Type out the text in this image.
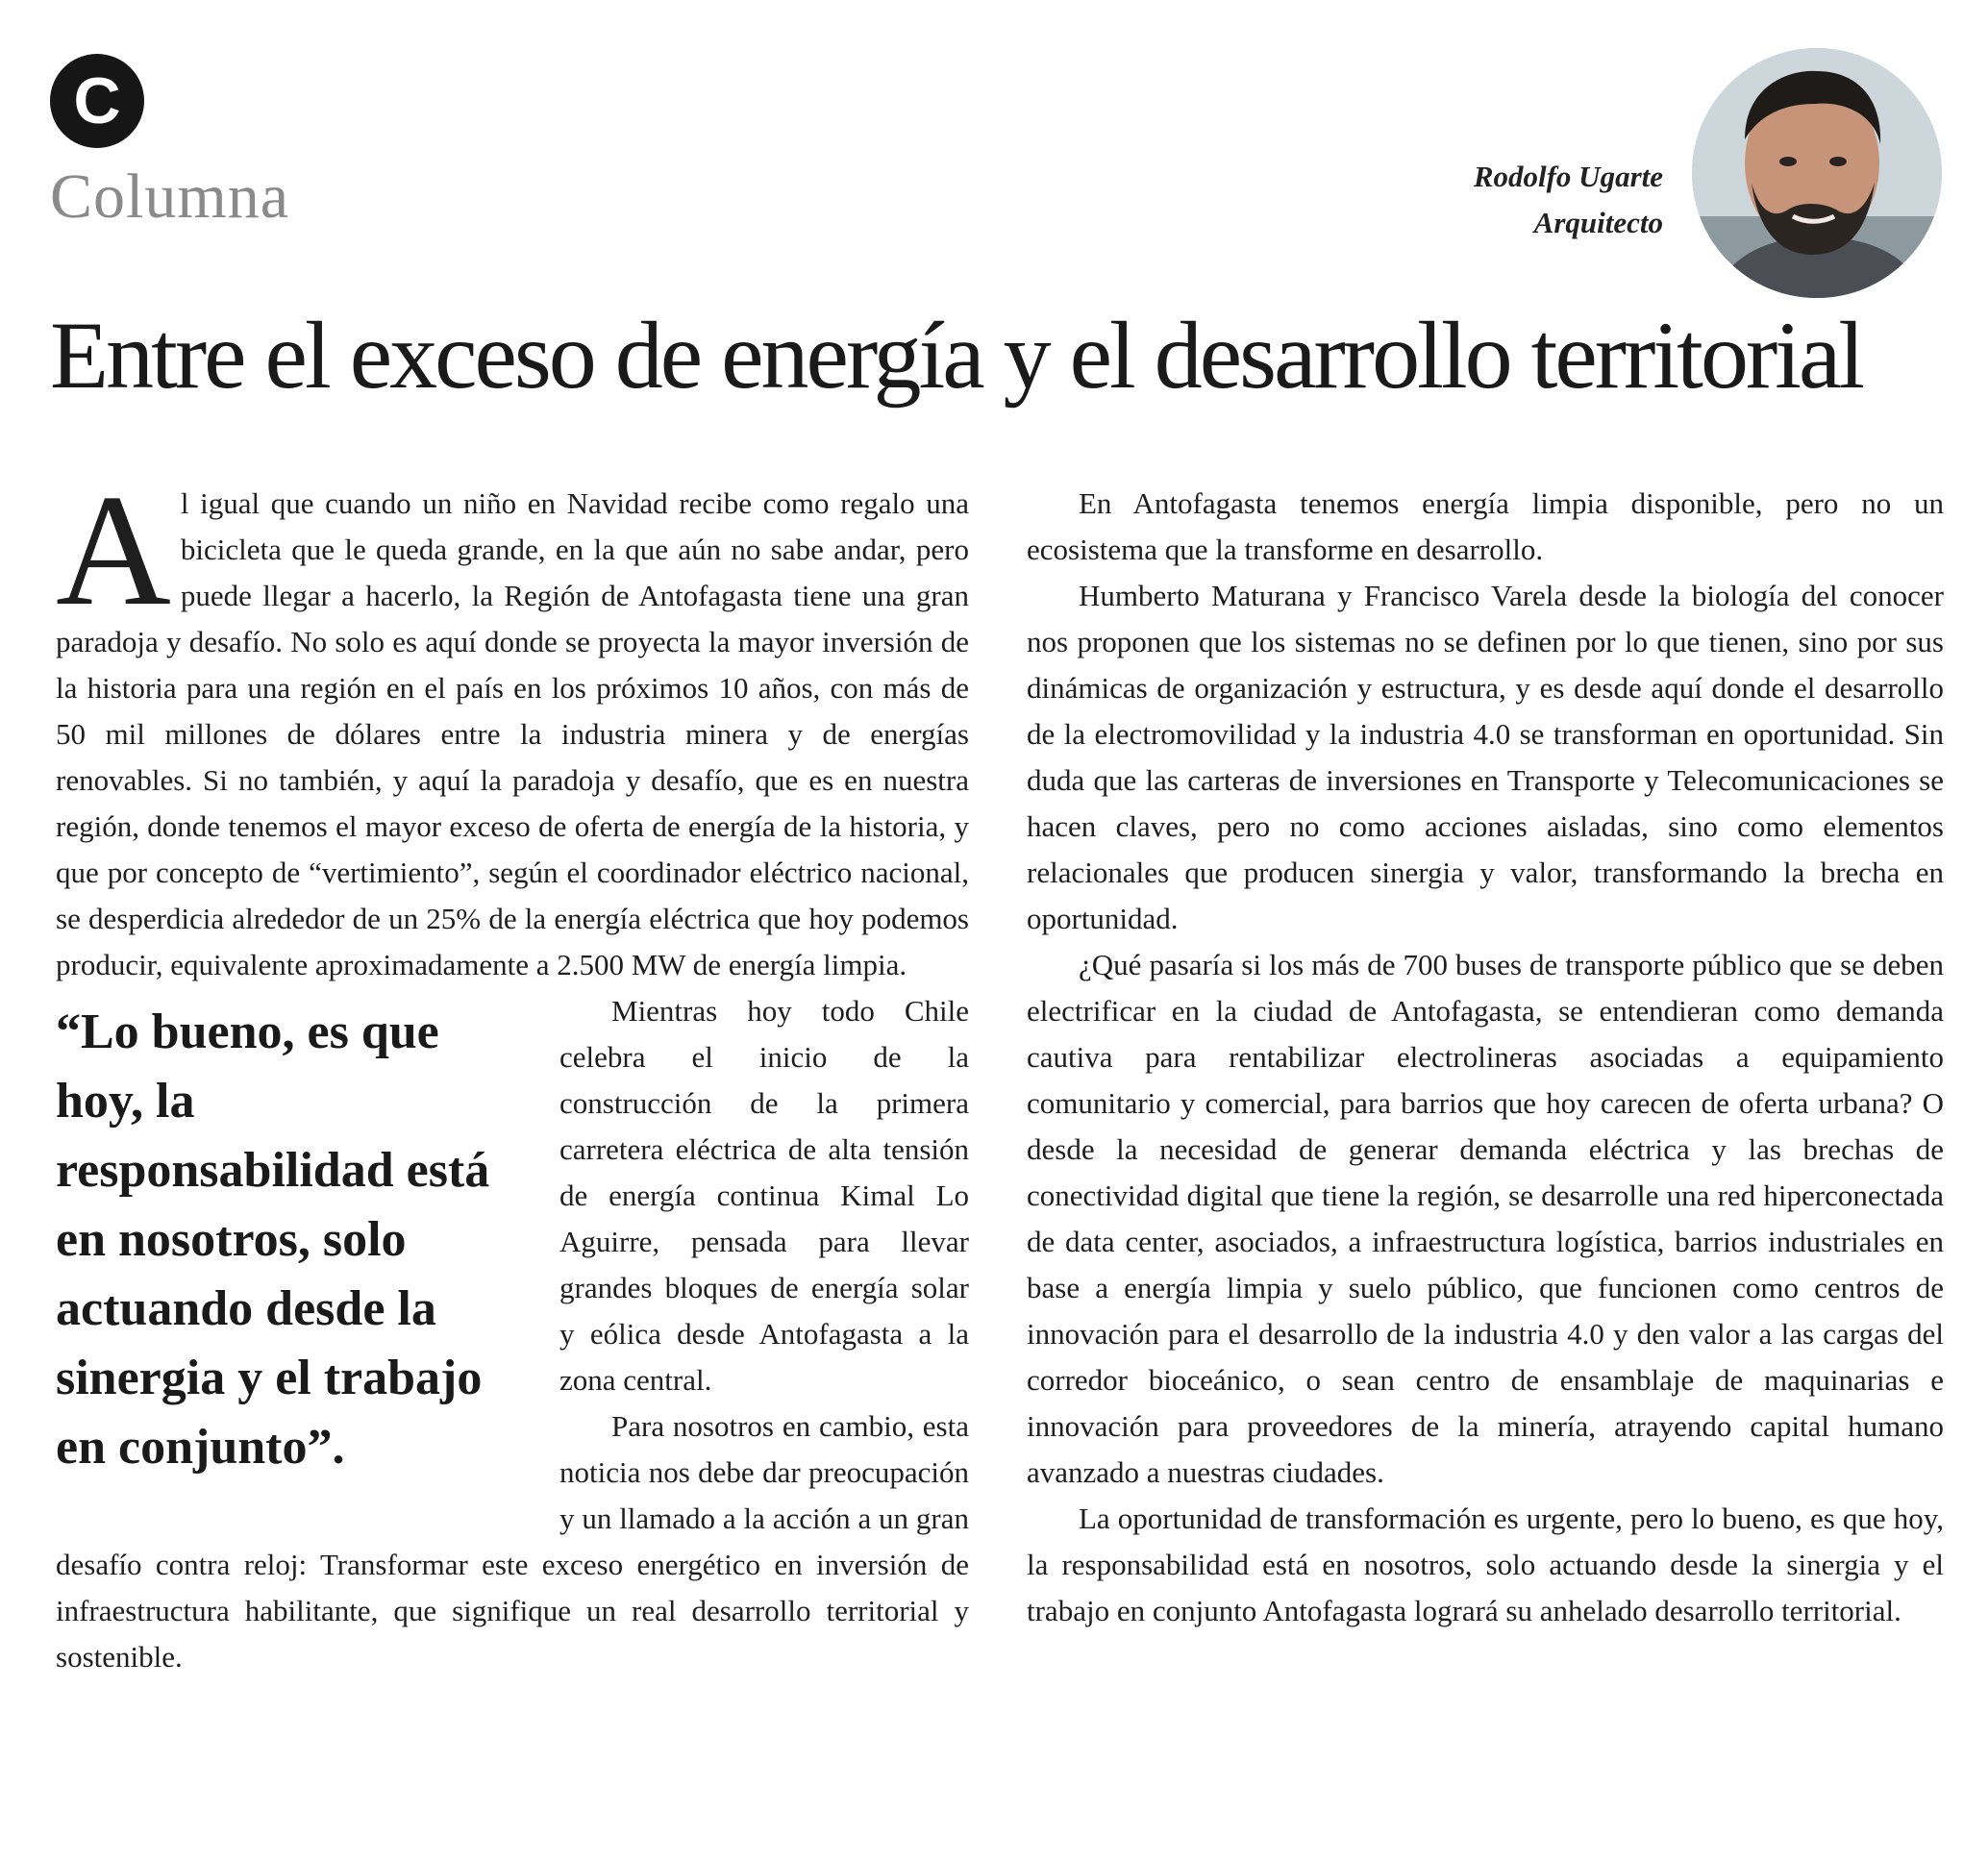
C
Columna	Rodolfo Ugarte
Arquitecto
Entre el exceso de energía y el desarrollo territorial

Al igual que cuando un niño en Navidad recibe como regalo una bicicleta que le queda grande, en la que aún no sabe andar, pero puede llegar a hacerlo, la Región de Antofagasta tiene una gran paradoja y desafío. No solo es aquí donde se proyecta la mayor inversión de la historia para una región en el país en los próximos 10 años, con más de 50 mil millones de dólares entre la industria minera y de energías renovables. Si no también, y aquí la paradoja y desafío, que es en nuestra región, donde tenemos el mayor exceso de oferta de energía de la historia, y que por concepto de “vertimiento”, según el coordinador eléctrico nacional, se desperdicia alrededor de un 25% de la energía eléctrica que hoy podemos producir, equivalente aproximadamente a 2.500 MW de energía limpia.

“Lo bueno, es que hoy, la responsabilidad está en nosotros, solo actuando desde la sinergia y el trabajo en conjunto”.

Mientras hoy todo Chile celebra el inicio de la construcción de la primera carretera eléctrica de alta tensión de energía continua Kimal Lo Aguirre, pensada para llevar grandes bloques de energía solar y eólica desde Antofagasta a la zona central.

Para nosotros en cambio, esta noticia nos debe dar preocupación y un llamado a la acción a un gran desafío contra reloj: Transformar este exceso energético en inversión de infraestructura habilitante, que signifique un real desarrollo territorial y sostenible.

En Antofagasta tenemos energía limpia disponible, pero no un ecosistema que la transforme en desarrollo.

Humberto Maturana y Francisco Varela desde la biología del conocer nos proponen que los sistemas no se definen por lo que tienen, sino por sus dinámicas de organización y estructura, y es desde aquí donde el desarrollo de la electromovilidad y la industria 4.0 se transforman en oportunidad. Sin duda que las carteras de inversiones en Transporte y Telecomunicaciones se hacen claves, pero no como acciones aisladas, sino como elementos relacionales que producen sinergia y valor, transformando la brecha en oportunidad.

¿Qué pasaría si los más de 700 buses de transporte público que se deben electrificar en la ciudad de Antofagasta, se entendieran como demanda cautiva para rentabilizar electrolineras asociadas a equipamiento comunitario y comercial, para barrios que hoy carecen de oferta urbana? O desde la necesidad de generar demanda eléctrica y las brechas de conectividad digital que tiene la región, se desarrolle una red hiperconectada de data center, asociados, a infraestructura logística, barrios industriales en base a energía limpia y suelo público, que funcionen como centros de innovación para el desarrollo de la industria 4.0 y den valor a las cargas del corredor bioceánico, o sean centro de ensamblaje de maquinarias e innovación para proveedores de la minería, atrayendo capital humano avanzado a nuestras ciudades.

La oportunidad de transformación es urgente, pero lo bueno, es que hoy, la responsabilidad está en nosotros, solo actuando desde la sinergia y el trabajo en conjunto Antofagasta logrará su anhelado desarrollo territorial.
